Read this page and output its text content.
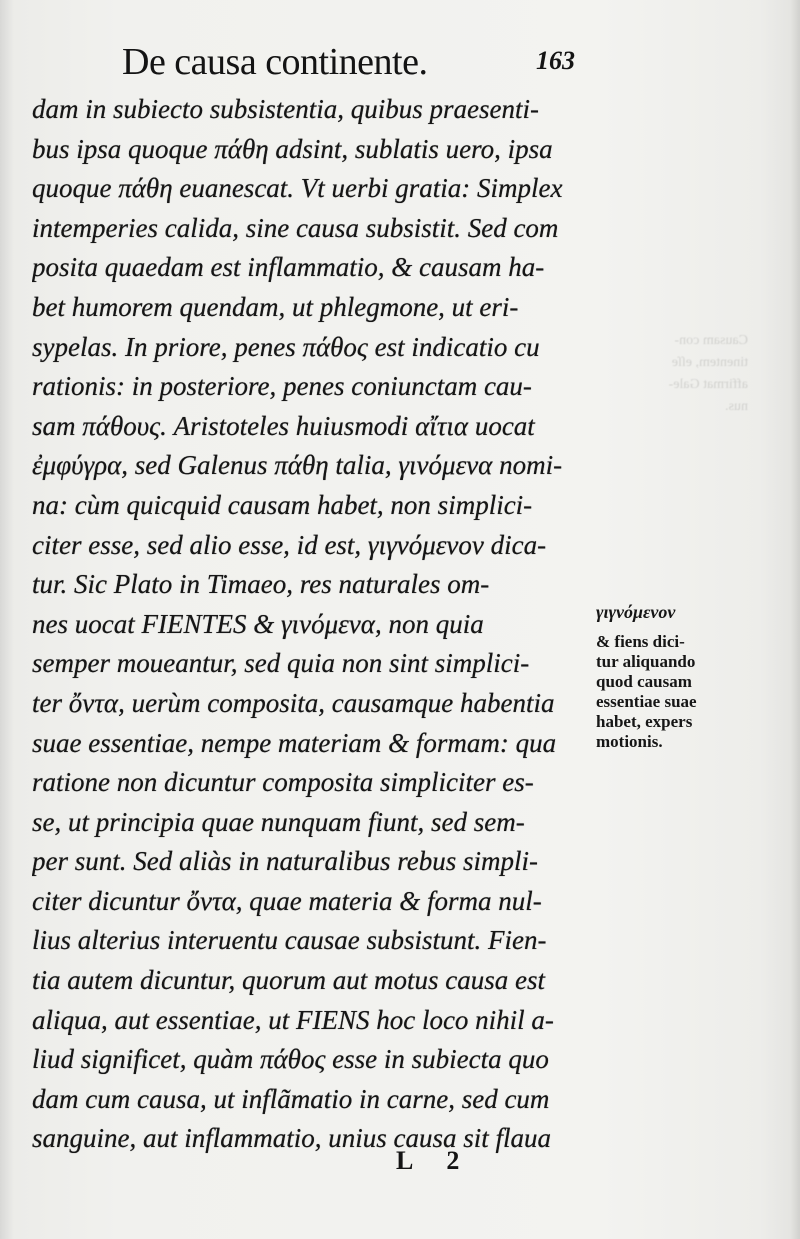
Causam con-
tinentem, eſſe
affirmat Gale-
nus.
De causa continente.	163
dam in subiecto subsistentia, quibus praesenti-
bus ipsa quoque πάθη adsint, sublatis uero, ipsa
quoque πάθη euanescat. Vt uerbi gratia: Simplex
intemperies calida, sine causa subsistit. Sed com
posita quaedam est inflammatio, & causam ha-
bet humorem quendam, ut phlegmone, ut eri-
sypelas. In priore, penes πάθος est indicatio cu
rationis: in posteriore, penes coniunctam cau-
sam πάθους. Aristoteles huiusmodi αἴτια uocat
ἐμφύγρα, sed Galenus πάθη talia, γινόμενα nomi-
na: cùm quicquid causam habet, non simplici-
citer esse, sed alio esse, id est, γιγνόμενον dica-
tur. Sic Plato in Timaeo, res naturales om-
nes uocat FIENTES & γινόμενα, non quia
semper moueantur, sed quia non sint simplici-
ter ὄντα, uerùm composita, causamque habentia
suae essentiae, nempe materiam & formam: qua
ratione non dicuntur composita simpliciter es-
se, ut principia quae nunquam fiunt, sed sem-
per sunt. Sed aliàs in naturalibus rebus simpli-
citer dicuntur ὄντα, quae materia & forma nul-
lius alterius interuentu causae subsistunt. Fien-
tia autem dicuntur, quorum aut motus causa est
aliqua, aut essentiae, ut FIENS hoc loco nihil a-
liud significet, quàm πάθος esse in subiecta quo
dam cum causa, ut inflãmatio in carne, sed cum
sanguine, aut inflammatio, unius causa sit flaua
γιγνόμενον
& fiens dici-
tur aliquando
quod causam
essentiae suae
habet, expers
motionis.
L 2
